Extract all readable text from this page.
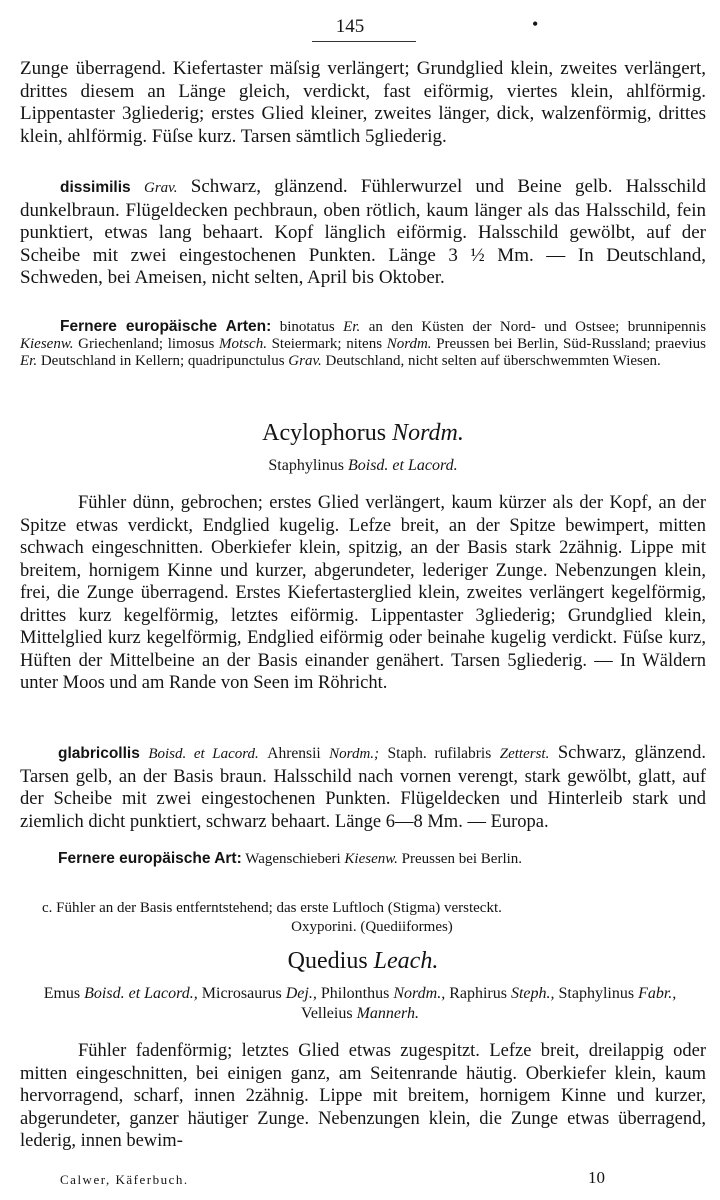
145	•

Zunge überragend. Kiefertaster mäſsig verlängert; Grundglied klein, zweites verlängert, drittes diesem an Länge gleich, verdickt, fast eiförmig, viertes klein, ahlförmig. Lippentaster 3gliederig; erstes Glied kleiner, zweites länger, dick, walzenförmig, drittes klein, ahlförmig. Füſse kurz. Tarsen sämtlich 5gliederig.

dissimilis Grav. Schwarz, glänzend. Fühlerwurzel und Beine gelb. Halsschild dunkelbraun. Flügeldecken pechbraun, oben rötlich, kaum länger als das Halsschild, fein punktiert, etwas lang behaart. Kopf länglich eiförmig. Halsschild gewölbt, auf der Scheibe mit zwei eingestochenen Punkten. Länge 3 ½ Mm. — In Deutschland, Schweden, bei Ameisen, nicht selten, April bis Oktober.

Fernere europäische Arten: binotatus Er. an den Küsten der Nord- und Ostsee; brunnipennis Kiesenw. Griechenland; limosus Motsch. Steiermark; nitens Nordm. Preussen bei Berlin, Süd-Russland; praevius Er. Deutschland in Kellern; quadripunctulus Grav. Deutschland, nicht selten auf überschwemmten Wiesen.

Acylophorus Nordm.

Staphylinus Boisd. et Lacord.

Fühler dünn, gebrochen; erstes Glied verlängert, kaum kürzer als der Kopf, an der Spitze etwas verdickt, Endglied kugelig. Lefze breit, an der Spitze bewimpert, mitten schwach eingeschnitten. Oberkiefer klein, spitzig, an der Basis stark 2zähnig. Lippe mit breitem, hornigem Kinne und kurzer, abgerundeter, lederiger Zunge. Nebenzungen klein, frei, die Zunge überragend. Erstes Kiefertasterglied klein, zweites verlängert kegelförmig, drittes kurz kegelförmig, letztes eiförmig. Lippentaster 3gliederig; Grundglied klein, Mittelglied kurz kegelförmig, Endglied eiförmig oder beinahe kugelig verdickt. Füſse kurz, Hüften der Mittelbeine an der Basis einander genähert. Tarsen 5gliederig. — In Wäldern unter Moos und am Rande von Seen im Röhricht.

glabricollis Boisd. et Lacord. Ahrensii Nordm.; Staph. rufilabris Zetterst. Schwarz, glänzend. Tarsen gelb, an der Basis braun. Halsschild nach vornen verengt, stark gewölbt, glatt, auf der Scheibe mit zwei eingestochenen Punkten. Flügeldecken und Hinterleib stark und ziemlich dicht punktiert, schwarz behaart. Länge 6—8 Mm. — Europa.

Fernere europäische Art: Wagenschieberi Kiesenw. Preussen bei Berlin.

c. Fühler an der Basis entferntstehend; das erste Luftloch (Stigma) versteckt.

Oxyporini. (Quediiformes)

Quedius Leach.

Emus Boisd. et Lacord., Microsaurus Dej., Philonthus Nordm., Raphirus Steph., Staphylinus Fabr., Velleius Mannerh.

Fühler fadenförmig; letztes Glied etwas zugespitzt. Lefze breit, dreilappig oder mitten eingeschnitten, bei einigen ganz, am Seitenrande häutig. Oberkiefer klein, kaum hervorragend, scharf, innen 2zähnig. Lippe mit breitem, hornigem Kinne und kurzer, abgerundeter, ganzer häutiger Zunge. Nebenzungen klein, die Zunge etwas überragend, lederig, innen bewim-

Calwer, Käferbuch.	10
